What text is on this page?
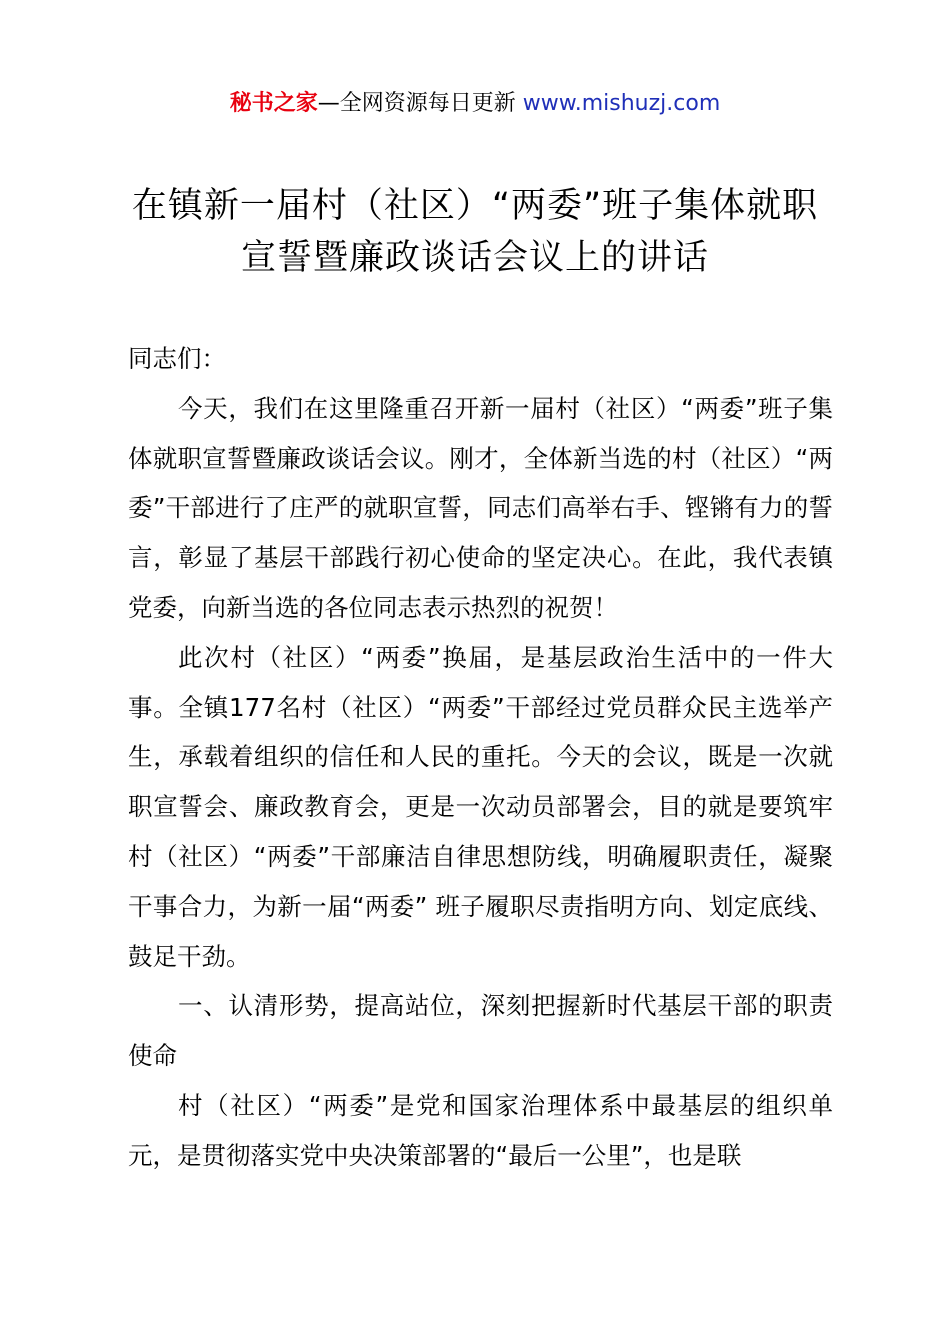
秘书之家—全网资源每日更新 www.mishuzj.com
在镇新一届村（社区）“两委”班子集体就职
宣誓暨廉政谈话会议上的讲话

同志们：

今天，我们在这里隆重召开新一届村（社区）“两委”班子集体就职宣誓暨廉政谈话会议。刚才，全体新当选的村（社区）“两委”干部进行了庄严的就职宣誓，同志们高举右手、铿锵有力的誓言，彰显了基层干部践行初心使命的坚定决心。在此，我代表镇党委，向新当选的各位同志表示热烈的祝贺！

此次村（社区）“两委”换届，是基层政治生活中的一件大事。全镇177名村（社区）“两委”干部经过党员群众民主选举产生，承载着组织的信任和人民的重托。今天的会议，既是一次就职宣誓会、廉政教育会，更是一次动员部署会，目的就是要筑牢村（社区）“两委”干部廉洁自律思想防线，明确履职责任，凝聚干事合力，为新一届“两委” 班子履职尽责指明方向、划定底线、鼓足干劲。

一、认清形势，提高站位，深刻把握新时代基层干部的职责使命

村（社区）“两委”是党和国家治理体系中最基层的组织单元，是贯彻落实党中央决策部署的“最后一公里”，也是联
